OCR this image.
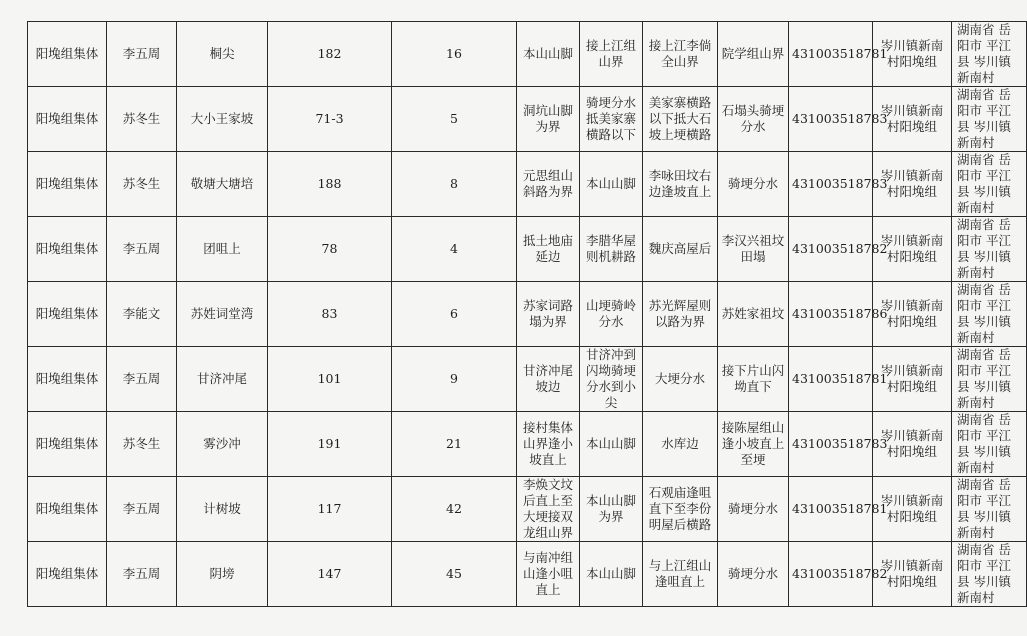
阳堍组集体	李五周	桐尖	182	16	本山山脚	接上江组山界	接上江李倘全山界	院学组山界	431003518781	岑川镇新南村阳堍组	湖南省 岳阳市 平江县 岑川镇 新南村
阳堍组集体	苏冬生	大小王家坡	71-3	5	洞坑山脚为界	骑埂分水抵美家寨横路以下	美家寨横路以下抵大石坡上埂横路	石塌头骑埂分水	431003518783	岑川镇新南村阳堍组	湖南省 岳阳市 平江县 岑川镇 新南村
阳堍组集体	苏冬生	敬塘大塘培	188	8	元思组山斜路为界	本山山脚	李咏田坟右边逢坡直上	骑埂分水	431003518783	岑川镇新南村阳堍组	湖南省 岳阳市 平江县 岑川镇 新南村
阳堍组集体	李五周	团咀上	78	4	抵土地庙延边	李腊华屋则机耕路	魏庆高屋后	李汉兴祖坟田塌	431003518782	岑川镇新南村阳堍组	湖南省 岳阳市 平江县 岑川镇 新南村
阳堍组集体	李能文	苏姓词堂湾	83	6	苏家词路塌为界	山埂骑岭分水	苏光辉屋则以路为界	苏姓家祖坟	431003518786	岑川镇新南村阳堍组	湖南省 岳阳市 平江县 岑川镇 新南村
阳堍组集体	李五周	甘济冲尾	101	9	甘济冲尾坡边	甘济冲到闪坳骑埂分水到小尖	大埂分水	接下片山闪坳直下	431003518781	岑川镇新南村阳堍组	湖南省 岳阳市 平江县 岑川镇 新南村
阳堍组集体	苏冬生	雾沙冲	191	21	接村集体山界逢小坡直上	本山山脚	水库边	接陈屋组山逢小坡直上至埂	431003518783	岑川镇新南村阳堍组	湖南省 岳阳市 平江县 岑川镇 新南村
阳堍组集体	李五周	计树坡	117	42	李焕文坟后直上至大埂接双龙组山界	本山山脚为界	石观庙逢咀直下至李份明屋后横路	骑埂分水	431003518781	岑川镇新南村阳堍组	湖南省 岳阳市 平江县 岑川镇 新南村
阳堍组集体	李五周	阴塝	147	45	与南冲组山逢小咀直上	本山山脚	与上江组山逢咀直上	骑埂分水	431003518782	岑川镇新南村阳堍组	湖南省 岳阳市 平江县 岑川镇 新南村
